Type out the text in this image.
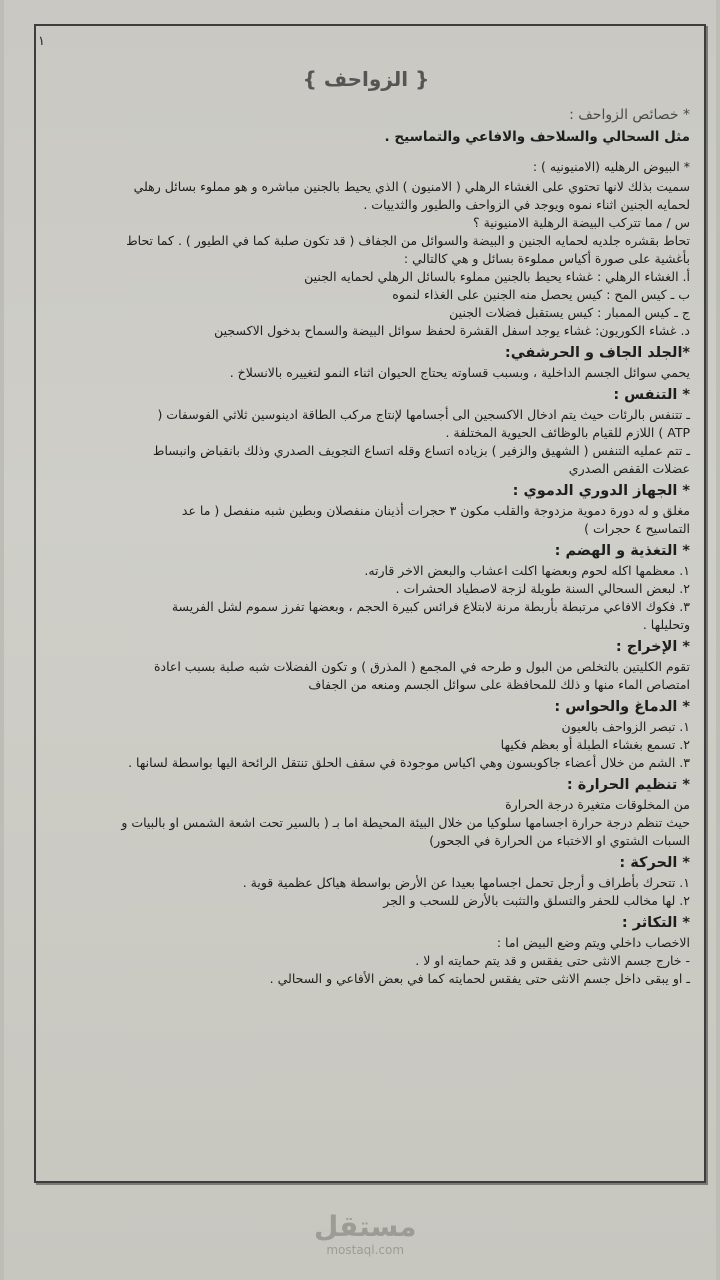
١
{ الزواحف }
* خصائص الزواحف :

مثل السحالي والسلاحف والافاعي والتماسيح .

* البيوض الرهليه (الامنيونيه ) :

سميت بذلك لانها تحتوي على الغشاء الرهلي ( الامنيون ) الذي يحيط بالجنين مباشره و هو مملوء بسائل رهلي
لحمايه الجنين اثناء نموه ويوجد في الزواحف والطيور والثدييات .
س / مما تتركب البيضة الرهلية الامنيونية ؟
تحاط بقشره جلديه لحمايه الجنين و البيضة والسوائل من الجفاف ( قد تكون صلبة كما في الطيور ) . كما تحاط
بأغشية على صورة أكياس مملوءة بسائل و هي كالتالي :
أ. الغشاء الرهلي : غشاء يحيط بالجنين مملوء بالسائل الرهلي لحمايه الجنين
ب ـ كيس المح : كيس يحصل منه الجنين على الغذاء لنموه
ج ـ كيس الممبار : كيس يستقبل فضلات الجنين
د. غشاء الكوريون: غشاء يوجد اسفل القشرة لحفظ سوائل البيضة والسماح بدخول الاكسجين
*الجلد الجاف و الحرشفي:
يحمي سوائل الجسم الداخلية ، وبسبب قساوته يحتاج الحيوان اثناء النمو لتغييره بالانسلاخ .
* التنفس :
ـ تتنفس بالرئات حيث يتم ادخال الاكسجين الى أجسامها لإنتاج مركب الطاقة ادينوسين ثلاثي الفوسفات (
ATP ) اللازم للقيام بالوظائف الحيوية المختلفة .
ـ تتم عمليه التنفس ( الشهيق والزفير ) بزياده اتساع وقله اتساع التجويف الصدري وذلك بانقباض وانبساط
عضلات القفص الصدري
* الجهاز الدوري الدموي :
مغلق و له دورة دموية مزدوجة والقلب مكون ٣ حجرات أذينان منفصلان وبطين شبه منفصل ( ما عد
التماسيح ٤ حجرات )
* التغذية و الهضم :
١. معظمها اكله لحوم وبعضها اكلت اعشاب والبعض الاخر قارته.
٢. لبعض السحالي السنة طويلة لزجة لاصطياد الحشرات .
٣. فكوك الافاعي مرتبطة بأربطة مرنة لابتلاع فرائس كبيرة الحجم ، وبعضها تفرز سموم لشل الفريسة
وتحليلها .
* الإخراج :
تقوم الكليتين بالتخلص من البول و طرحه في المجمع ( المذرق ) و تكون الفضلات شبه صلبة بسبب اعادة
امتصاص الماء منها و ذلك للمحافظة على سوائل الجسم ومنعه من الجفاف
* الدماغ والحواس :
١. تبصر الزواحف بالعيون
٢. تسمع بغشاء الطبلة أو بعظم فكيها
٣. الشم من خلال أعضاء جاكوبسون وهي اكياس موجودة في سقف الحلق تنتقل الرائحة اليها بواسطة لسانها .
* تنظيم الحرارة :
من المخلوقات متغيرة درجة الحرارة
حيث تنظم درجة حرارة اجسامها سلوكيا من خلال البيئة المحيطة اما بـ ( بالسير تحت اشعة الشمس او بالبيات و
السبات الشتوي او الاختباء من الحرارة في الجحور)
* الحركة :
١. تتحرك بأطراف و أرجل تحمل اجسامها بعيدا عن الأرض بواسطة هياكل عظمية قوية .
٢. لها مخالب للحفر والتسلق والتثبت بالأرض للسحب و الجر
* التكاثر :
الاخصاب داخلي ويتم وضع البيض اما :
- خارج جسم الانثى حتى يفقس و قد يتم حمايته او لا .
ـ او يبقى داخل جسم الانثى حتى يفقس لحمايته كما في بعض الأفاعي و السحالي .
مستقل
mostaql.com
